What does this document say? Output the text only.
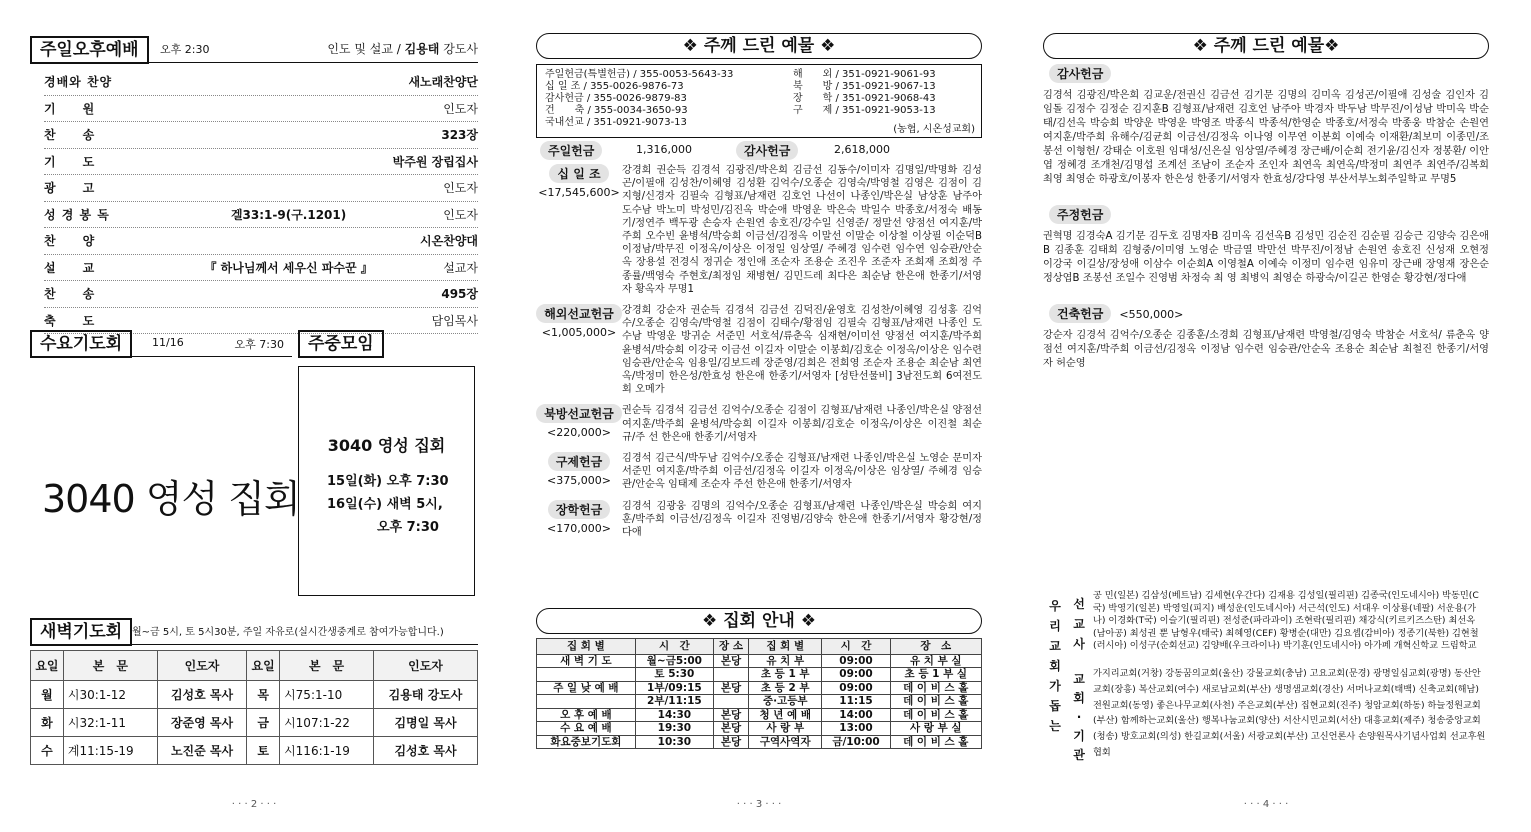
주일오후예배	오후 2:30	인도 및 설교 / 김용태 강도사
경배와 찬양	새노래찬양단
기　　원	인도자
찬　　송	323장
기　　도	박주원 장립집사
광　　고	인도자
성 경 봉 독	겔33:1-9(구.1201)	인도자
찬　　양	시온찬양대
설　　교	『 하나님께서 세우신 파수꾼 』	설교자
찬　　송	495장
축　　도	담임목사
수요기도회	11/16	오후 7:30	주중모임
3040 영성 집회
3040 영성 집회
15일(화) 오후 7:30
16일(수) 새벽 5시,
오후 7:30
새벽기도회 월~금 5시, 토 5시30분, 주일 자유로(실시간생중계로 참여가능합니다.)
요일	본　문	인도자	요일	본　문	인도자
월	시30:1-12	김성호 목사	목	시75:1-10	김용태 강도사
화	시32:1-11	장준영 목사	금	시107:1-22	김명일 목사
수	계11:15-19	노진준 목사	토	시116:1-19	김성호 목사
· · · 2 · · ·
❖ 주께 드린 예물 ❖
주일헌금(특별헌금) / 355-0053-5643-33
십 일 조 / 355-0026-9876-73
감사헌금 / 355-0026-9879-83
건　　축 / 355-0034-3650-93
국내선교 / 351-0921-9073-13
해　　외 / 351-0921-9061-93
북　　방 / 351-0921-9067-13
장　　학 / 351-0921-9068-43
구　　제 / 351-0921-9053-13
(농협, 시온성교회)
주일헌금	1,316,000	감사헌금	2,618,000
십 일 조
<17,545,600>
강경희 권순득 김경석 김광진/박은희 김금선 김동수/이미자 김명일/박명화 김성곤/이필애 김성찬/이혜영 김성환 김억수/오종순 김영숙/박영철 김영은 김점이 김지형/신경자 김필숙 김형표/남재련 김호언 나선이 나종인/박은실 남상훈 남주아 도수남 박노미 박성민/김진옥 박순애 박영운 박은숙 박일수 박종호/서정숙 배동기/정연주 백두광 손승자 손원연 송호진/강수일 신영준/ 정말선 양점선 여지훈/박주희 오수빈 윤병석/박승희 이금선/김정옥 이말선 이말순 이상철 이상필 이순덕B 이정남/박무진 이정옥/이상은 이정일 임상열/ 주혜경 임수련 임수연 임승관/안순옥 장용설 전경식 정귀순 정인애 조순자 조용순 조진우 조준자 조희재 조희정 주종률/백영숙 주현호/최정임 채병현/ 김민드레 최다은 최순남 한은애 한종기/서영자 황옥자 무명1
해외선교헌금
<1,005,000>
강경희 강순자 권순득 김경석 김금선 김덕진/윤영호 김성찬/이혜영 김성홍 김억수/오종순 김영숙/박영철 김점이 김태수/황점임 김필숙 김형표/남재련 나종인 도수남 박영운 방귀순 서준민 서호석/류춘옥 심재현/이미선 양점선 여지훈/박주희 윤병석/박승희 이강국 이금선 이길자 이말순 이봉희/김호순 이정옥/이상은 임수련 임승관/안순옥 임용일/김보드레 장준영/김희은 전희영 조순자 조용순 최순남 최연옥/박정미 한은성/한효성 한은애 한종기/서영자 [성탄선물비] 3남전도회 6여전도회 오메가
북방선교헌금
<220,000>
권순득 김경석 김금선 김억수/오종순 김점이 김형표/남재련 나종인/박은실 양점선 여지훈/박주희 윤병석/박승희 이길자 이봉희/김호순 이정옥/이상은 이진철 최순규/주 선 한은애 한종기/서영자
구제헌금
<375,000>
김경석 김근식/박두남 김억수/오종순 김형표/남재련 나종인/박은실 노영순 문미자 서준민 여지훈/박주희 이금선/김정옥 이길자 이정옥/이상은 임상열/ 주혜경 임승관/안순옥 임태제 조순자 주선 한은애 한종기/서영자
장학헌금
<170,000>
김경석 김광웅 김명의 김억수/오종순 김형표/남재련 나종인/박은실 박승희 여지훈/박주희 이금선/김정옥 이길자 진영범/김양숙 한은애 한종기/서영자 황강현/정다애
❖ 집회 안내 ❖
집 회 별	시　간	장 소	집 회 별	시　간	장　소
새 벽 기 도	월~금5:00	본당	유 치 부	09:00	유 치 부 실
	토 5:30		초 등 1 부	09:00	초 등 1 부 실
주 일 낮 예 배	1부/09:15	본당	초 등 2 부	09:00	데 이 비 스 홀
	2부/11:15		중·고등부	11:15	데 이 비 스 홀
오 후 예 배	14:30	본당	청 년 예 배	14:00	데 이 비 스 홀
수 요 예 배	19:30	본당	사 랑 부	13:00	사 랑 부 실
화요중보기도회	10:30	본당	구역사역자	금/10:00	데 이 비 스 홀
· · · 3 · · ·
❖ 주께 드린 예물❖
감사헌금
김경석 김광진/박은희 김교운/전권신 김금선 김기문 김명의 김미옥 김성곤/이필애 김성술 김인자 김임돌 김정수 김정순 김지훈B 김형표/남재련 김호언 남주아 박경자 박두남 박무진/이성남 박미옥 박순태/김선옥 박승희 박양운 박영운 박영조 박종식 박종석/한영순 박종호/서정숙 박종웅 박참순 손원연 여지훈/박주희 유해수/김균희 이금선/김정옥 이나영 이무연 이분희 이예숙 이재환/최보미 이종민/조봉선 이형헌/ 강태순 이호원 임대성/신은실 임상열/주혜경 장근배/이순희 전기윤/김신자 정봉환/ 이안엽 정혜경 조개천/김명섭 조계선 조남이 조순자 조인자 최연옥 최연옥/박정미 최연주 최연주/김복희 최영 최영순 하광호/이봉자 한은성 한종기/서영자 한효성/강다영 부산서부노회주일학교 무명5
주정헌금
권혁명 김경숙A 김기문 김두호 김명자B 김미옥 김선옥B 김성민 김순진 김순필 김승근 김양숙 김은애B 김종훈 김태희 김형중/이미영 노영순 박금열 박만선 박무진/이정남 손원연 송호진 신성재 오현정 이강국 이길상/장성애 이삼수 이순희A 이영철A 이예숙 이정미 임수련 임유미 장근배 장영재 장은순 정상엽B 조봉선 조일수 진영범 차정숙 최 영 최병익 최영순 하광숙/이길곤 한영순 황강현/정다애
건축헌금 <550,000>
강순자 김경석 김억수/오종순 김종훈/소경희 김형표/남재련 박영철/김영숙 박참순 서호석/ 류춘옥 양점선 여지훈/박주희 이금선/김정옥 이정남 임수련 임승관/안순옥 조용순 최순남 최철진 한종기/서영자 허순영
우
리
교
회
가
돕
는
선
교
사
교
회
·
기
관
공 민(일본) 김삼성(베트남) 김세현(우간다) 김재용 김성일(필리핀) 김종국(인도네시아) 박동민(C국) 박영기(일본) 박영일(피지) 배성운(인도네시아) 서근석(인도) 서대우 이상룡(네팔) 서운용(가나) 이경화(T국) 이슬기(필리핀) 전성준(파라과이) 조현락(필리핀) 채강식(키르키즈스탄) 최선옥(남아공) 최성권 뿐 남형우(태국) 최혜영(CEF) 황병순(대만) 김요셉(감비아) 정종기(북한) 김현철(러시아) 이성구(순회선교) 김양배(우크라이나) 박기훈(인도네시아) 아가페 개혁신학교 드림학교
가지리교회(거창) 강동꿈의교회(울산) 강물교회(충남) 고요교회(문경) 광명일심교회(광명) 동산안교회(장흥) 복산교회(여수) 새로남교회(부산) 생명샘교회(경산) 서머나교회(태백) 신축교회(해남) 전원교회(동영) 좋은나무교회(사천) 주은교회(부산) 집현교회(진주) 청암교회(하동) 하늘정원교회(부산) 함께하는교회(울산) 행복나눔교회(양산) 서산시민교회(서산) 대흥교회(제주) 청송중앙교회(청송) 방호교회(의성) 한길교회(서울) 서광교회(부산) 고신언론사 손양원목사기념사업회 선교후원협회
· · · 4 · · ·
